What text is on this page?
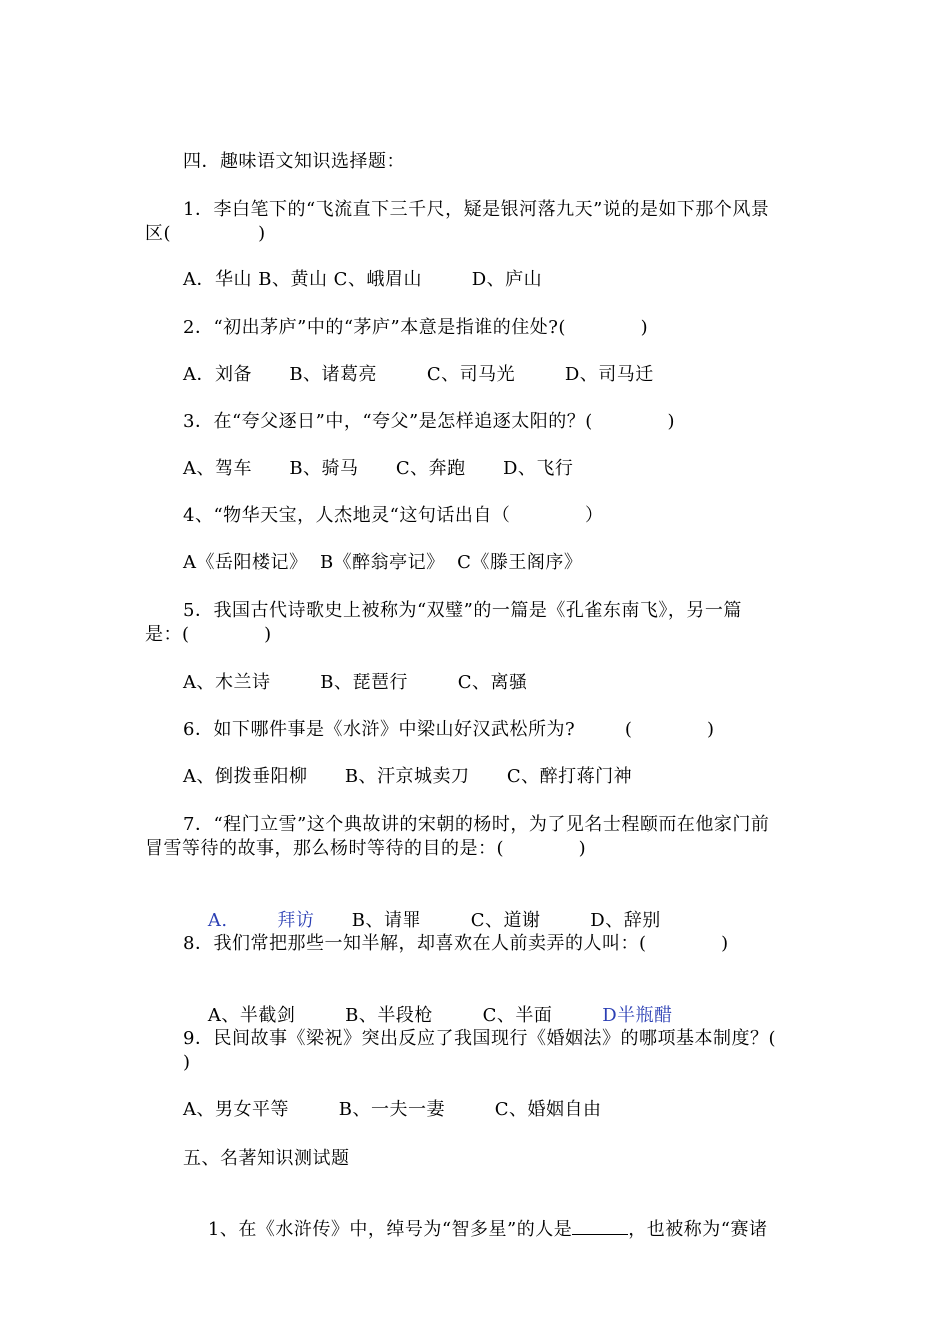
四．趣味语文知识选择题：
1．李白笔下的“飞流直下三千尺，疑是银河落九天”说的是如下那个风景
区(              )
A．华山 B、黄山 C、峨眉山        D、庐山
2．“初出茅庐”中的“茅庐”本意是指谁的住处?(            )
A．刘备      B、诸葛亮        C、司马光        D、司马迁
3．在“夸父逐日”中，“夸父”是怎样追逐太阳的？(            )
A、驾车      B、骑马      C、奔跑      D、飞行
4、“物华天宝，人杰地灵“这句话出自（            ）
A《岳阳楼记》  B《醉翁亭记》  C《滕王阁序》
5．我国古代诗歌史上被称为“双璧”的一篇是《孔雀东南飞》，另一篇
是：(            )
A、木兰诗        B、琵琶行        C、离骚
6．如下哪件事是《水浒》中梁山好汉武松所为?        (            )
A、倒拨垂阳柳      B、汗京城卖刀      C、醉打蒋门神
7．“程门立雪”这个典故讲的宋朝的杨时，为了见名士程颐而在他家门前
冒雪等待的故事，那么杨时等待的目的是：(            )

A.        拜访      B、请罪        C、道谢        D、辞别

8．我们常把那些一知半解，却喜欢在人前卖弄的人叫：(            )

A、半截剑        B、半段枪        C、半面        D半瓶醋

9．民间故事《梁祝》突出反应了我国现行《婚姻法》的哪项基本制度？(
)
A、男女平等        B、一夫一妻        C、婚姻自由
五、名著知识测试题

1、在《水浒传》中，绰号为“智多星”的人是	，也被称为“赛诸
